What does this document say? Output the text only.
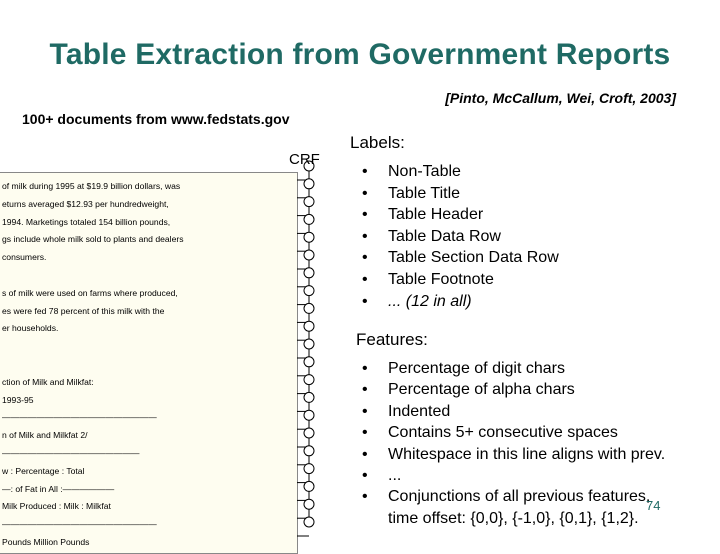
Table Extraction from Government Reports
[Pinto, McCallum, Wei, Croft, 2003]
100+ documents from www.fedstats.gov
of milk during 1995 at $19.9 billion dollars, was
eturns averaged $12.93 per hundredweight,
1994. Marketings totaled 154 billion pounds,
gs include whole milk sold to plants and dealers
consumers.
s of milk were used on farms where produced,
es were fed 78 percent of this milk with the
er households.
ction of Milk and Milkfat:
1993-95
——————————————————
n of Milk and Milkfat 2/
————————————————
w : Percentage : Total
—: of Fat in All :——————
Milk Produced : Milk : Milkfat
——————————————————
Pounds Million Pounds
CRF
Labels:
• Non-Table
• Table Title
• Table Header
• Table Data Row
• Table Section Data Row
• Table Footnote
• ... (12 in all)
Features:
• Percentage of digit chars
• Percentage of alpha chars
• Indented
• Contains 5+ consecutive spaces
• Whitespace in this line aligns with prev.
• ...
• Conjunctions of all previous features,
time offset: {0,0}, {-1,0}, {0,1}, {1,2}.
74
